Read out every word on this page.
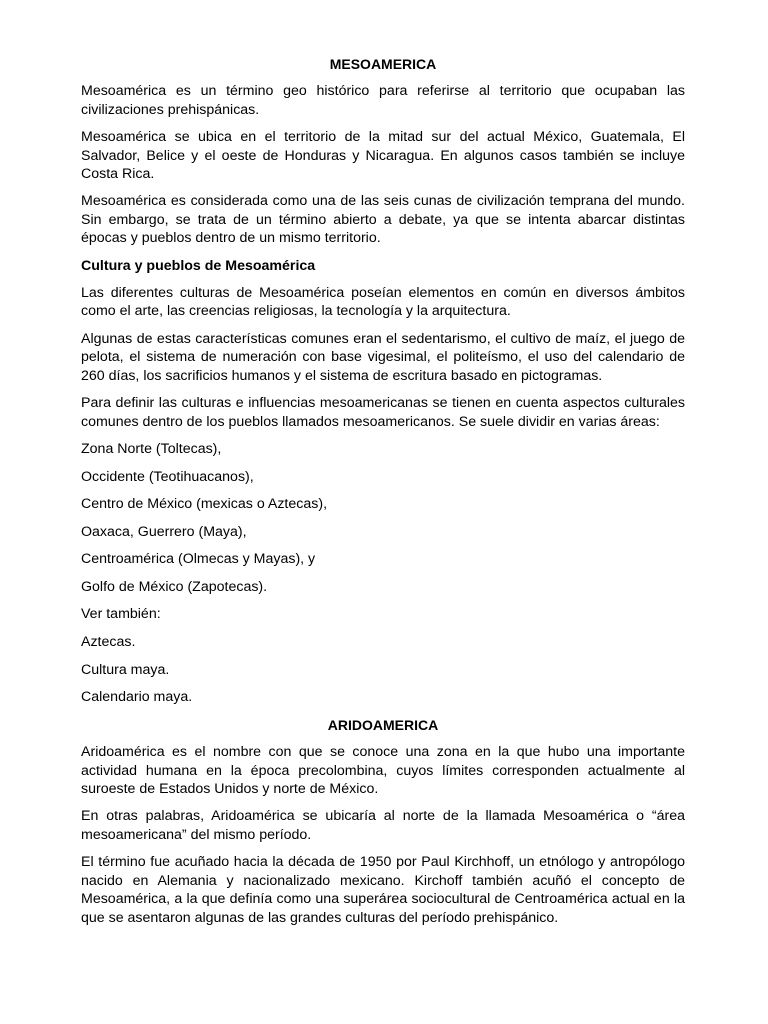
MESOAMERICA

Mesoamérica es un término geo histórico para referirse al territorio que ocupaban las civilizaciones prehispánicas.

Mesoamérica se ubica en el territorio de la mitad sur del actual México, Guatemala, El Salvador, Belice y el oeste de Honduras y Nicaragua. En algunos casos también se incluye Costa Rica.

Mesoamérica es considerada como una de las seis cunas de civilización temprana del mundo. Sin embargo, se trata de un término abierto a debate, ya que se intenta abarcar distintas épocas y pueblos dentro de un mismo territorio.

Cultura y pueblos de Mesoamérica

Las diferentes culturas de Mesoamérica poseían elementos en común en diversos ámbitos como el arte, las creencias religiosas, la tecnología y la arquitectura.

Algunas de estas características comunes eran el sedentarismo, el cultivo de maíz, el juego de pelota, el sistema de numeración con base vigesimal, el politeísmo, el uso del calendario de 260 días, los sacrificios humanos y el sistema de escritura basado en pictogramas.

Para definir las culturas e influencias mesoamericanas se tienen en cuenta aspectos culturales comunes dentro de los pueblos llamados mesoamericanos. Se suele dividir en varias áreas:

Zona Norte (Toltecas),
Occidente (Teotihuacanos),
Centro de México (mexicas o Aztecas),
Oaxaca, Guerrero (Maya),
Centroamérica (Olmecas y Mayas), y
Golfo de México (Zapotecas).
Ver también:
Aztecas.
Cultura maya.
Calendario maya.
ARIDOAMERICA

Aridoamérica es el nombre con que se conoce una zona en la que hubo una importante actividad humana en la época precolombina, cuyos límites corresponden actualmente al suroeste de Estados Unidos y norte de México.

En otras palabras, Aridoamérica se ubicaría al norte de la llamada Mesoamérica o “área mesoamericana” del mismo período.

El término fue acuñado hacia la década de 1950 por Paul Kirchhoff, un etnólogo y antropólogo nacido en Alemania y nacionalizado mexicano. Kirchoff también acuñó el concepto de Mesoamérica, a la que definía como una superárea sociocultural de Centroamérica actual en la que se asentaron algunas de las grandes culturas del período prehispánico.
